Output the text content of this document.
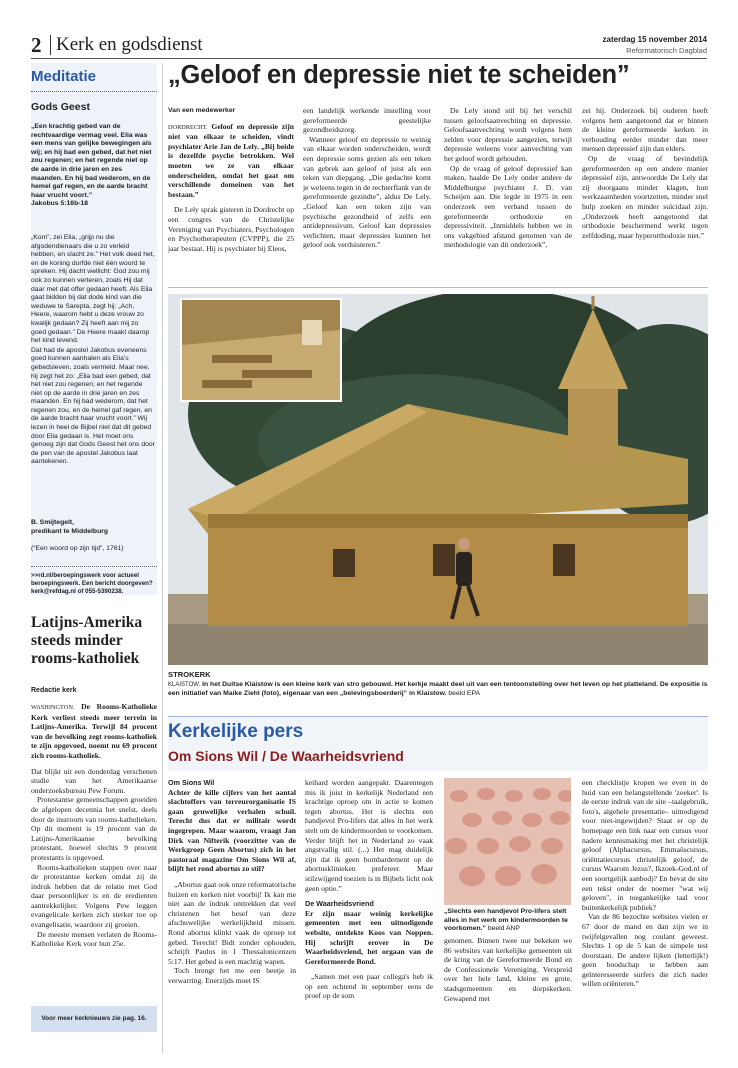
2 Kerk en godsdienst	zaterdag 15 november 2014
Reformatorisch Dagblad
Meditatie
Gods Geest
„Een krachtig gebed van de rechtvaardige vermag veel. Elia was een mens van gelijke bewegingen als wij; en hij bad een gebed, dat het niet zou regenen; en het regende niet op de aarde in drie jaren en zes maanden. En hij bad wederom, en de hemel gaf regen, en de aarde bracht haar vrucht voort.”
Jakobus 5:16b-18
„Kom”, zei Elia, „grijp nu die afgodendienaars die u zo verleid hebben, en slacht ze.” Het volk deed het, en de koning durfde niet één woord te spreken. Hij dacht wellicht: God zou mij ook zo kunnen verteren, zoals Hij dat daar met dat offer gedaan heeft. Als Elia gaat bidden bij dat dode kind van die weduwe te Sarepta, zegt hij: „Ach, Heere, waarom hebt u deze vrouw zo kwalijk gedaan? Zij heeft aan mij zo goed gedaan.” De Heere maakt daarop het kind levend.
Dat had de apostel Jakobus eveneens goed kunnen aanhalen als Elia's gebedsleven, zoals vermeld. Maar nee, hij zegt het zo: „Elia bad een gebed, dat het niet zou regenen; en het regende niet op de aarde in drie jaren en zes maanden. En hij bad wederom, dat het regenen zou, en de hemel gaf regen, en de aarde bracht haar vrucht voort.” Wij lezen in heel de Bijbel niet dat dit gebed door Elia gedaan is. Het moet ons genoeg zijn dat Gods Geest het ons door de pen van de apostel Jakobus laat aantekenen.
B. Smijtegelt,
predikant te Middelburg
(“Een woord op zijn tijd”, 1761)
>>rd.nl/beroepingswerk voor actueel beroepingswerk. Een bericht doorgeven? kerk@refdag.nl of 055-5390238.
Latijns-Amerika steeds minder rooms-katholiek
Redactie kerk

WASHINGTON. De Rooms-Katholieke Kerk verliest steeds meer terrein in Latijns-Amerika. Terwijl 84 procent van de bevolking zegt rooms-katholiek te zijn opgevoed, noemt nu 69 procent zich rooms-katholiek.

Dat blijkt uit een donderdag verschenen studie van het Amerikaanse onderzoeksbureau Pew Forum.

Protestantse gemeenschappen groeiden de afgelopen decennia het snelst, deels door de instroom van rooms-katholieken. Op dit moment is 19 procent van de Latijns-Amerikaanse bevolking protestant, hoewel slechts 9 procent protestants is opgevoed.

Rooms-katholieken stappen over naar de protestantse kerken omdat zij de indruk hebben dat de relatie met God daar persoonlijker is en de eredienten aantrekkelijker. Volgens Pew leggen evangelicale kerken zich sterker toe op evangelisatie, waardoor zij groeien.

De meeste mensen verlaten de Rooms-Katholieke Kerk voor hun 25e.

Voor meer kerknieuws zie pag. 16.
„Geloof en depressie niet te scheiden”
Van een medewerker

DORDRECHT. Geloof en depressie zijn niet van elkaar te scheiden, vindt psychiater Arie Jan de Lely. „Bij beide is dezelfde psyche betrokken. Wel moeten we ze van elkaar onderscheiden, omdat het gaat om verschillende domeinen van het bestaan.”

De Lely sprak gisteren in Dordrecht op een congres van de Christelijke Vereniging van Psychiaters, Psychologen en Psychotherapeuten (CVPPP), die 25 jaar bestaat. Hij is psychiater bij Eleos,

een landelijk werkende instelling voor gereformeerde geestelijke gezondheidszorg.

Wanneer geloof en depressie te weinig van elkaar worden onderscheiden, wordt een depressie soms gezien als een teken van gebrek aan geloof of juist als een teken van diepgang. „Die gedachte komt je weleens tegen in de rechterflank van de gereformeerde gezindte”, aldus De Lely. „Geloof kan een teken zijn van psychische gezondheid of zelfs een antidepressivum. Geloof kan depressies verlichten, maar depressies kunnen het geloof ook verduisteren.”

De Lely stond stil bij het verschil tussen geloofsaanvechting en depressie. Geloofsaanvechting wordt volgens hem zelden voor depressie aangezien, terwijl depressie weleens voor aanvechting van het geloof wordt gehouden.

Op de vraag of geloof depressief kan maken, haalde De Lely onder andere de Middelburgse psychiater J. D. van Scheijen aan. Die legde in 1975 in een onderzoek een verband tussen de gereformeerde orthodoxie en depressiviteit. „Inmiddels hebben we in ons vakgebied afstand genomen van de methodologie van dit onderzoek”,

zei hij. Onderzoek bij ouderen heeft volgens hem aangetoond dat er binnen de kleine gereformeerde kerken in verhouding eerder minder dan meer mensen depressief zijn dan elders.

Op de vraag of bevindelijk gereformeerden op een andere manier depressief zijn, antwoordde De Lely dat zij doorgaans minder klagen, hun werkzaamheden voortzetten, minder snel hulp zoeken en minder suïcidaal zijn. „Onderzoek heeft aangetoond dat orthodoxie beschermend werkt tegen zelfdoding, maar hyperorthodoxie niet.”

STROKERK
KLAISTOW. In het Duitse Klaistow is een kleine kerk van stro gebouwd. Het kerkje maakt deel uit van een tentoonstelling over het leven op het platteland. De expositie is een initiatief van Maike Ziehl (foto), eigenaar van een „belevingsboerderij” in Klaistow. beeld EPA
Kerkelijke pers
Om Sions Wil / De Waarheidsvriend
Om Sions Wil

Achter de kille cijfers van het aantal slachtoffers van terreurorganisatie IS gaan gruwelijke verhalen schuil. Terecht dus dat er militair wordt ingegrepen. Maar waarom, vraagt Jan Dirk van Nifterik (voorzitter van de Werkgroep Geen Abortus) zich in het pastoraal magazine Om Sions Wil af, blijft het rond abortus zo stil?

„Abortus gaat ook onze reformatorische huizen en kerken niet voorbij! Ik kan me niet aan de indruk onttrekken dat veel christenen het besef van deze afschuwelijke werkelijkheid missen. Rond abortus klinkt vaak de oproep tot gebed. Terecht! Bidt zonder ophouden, schrijft Paulus in 1 Thessalonicenzen 5:17. Het gebed is een machtig wapen.

Toch brengt het me een beetje in verwarring. Enerzijds moet IS

keihard worden aangepakt. Daarentegen mis ik juist in kerkelijk Nederland een krachtige oproep om in actie te komen tegen abortus. Het is slechts een handjevol Pro-lifers dat alles in het werk stelt om de kindermoorden te voorkomen. Verder blijft het in Nederland zo vaak angstvallig stil. (...) Het mag duidelijk zijn dat ik geen bombardement op de abortusklinieken prefereer. Maar stilzwijgend toezien is in Bijbels licht ook geen optie.”

De Waarheidsvriend

Er zijn maar weinig kerkelijke gemeenten met een uitnodigende website, ontdekte Koos van Noppen. Hij schrijft erover in De Waarheidsvriend, het orgaan van de Gereformeerde Bond.

„Samen met een paar collega's heb ik op een ochtend in september eens de proef op de som

„Slechts een handjevol Pro-lifers stelt alles in het werk om kindermoorden te voorkomen.” beeld ANP

genomen. Binnen twee uur bekeken we 86 websites van kerkelijke gemeenten uit de kring van de Gereformeerde Bond en de Confessionele Vereniging. Verspreid over het hele land, kleine en grote, stadsgemeenten en dorpskerken. Gewapend met

een checklistje kropen we even in de huid van een belangstellende 'zoeker'. Is de eerste indruk van de site –taalgebruik, foto's, algehele presentatie– uitnodigend voor niet-ingewijden? Staat er op de homepage een link naar een cursus voor nadere kennismaking met het christelijk geloof (Alphacursus, Emmaüscursus, oriëntatiecursus christelijk geloof, de cursus Waarom Jezus?, Ikzoek-God.nl of een soortgelijk aanbod)? En bevat de site een tekst onder de noemer "wat wij geloven", in toegankelijke taal voor buitenkerkelijk publiek?

Van de 86 bezochte websites vielen er 67 door de mand en dan zijn we in twijfelgevallen nog coulant geweest. Slechts 1 op de 5 kan de simpele test doorstaan. De andere lijken (letterlijk!) geen boodschap te hebben aan geïnteresseerde surfers die zich nader willen oriënteren.”
